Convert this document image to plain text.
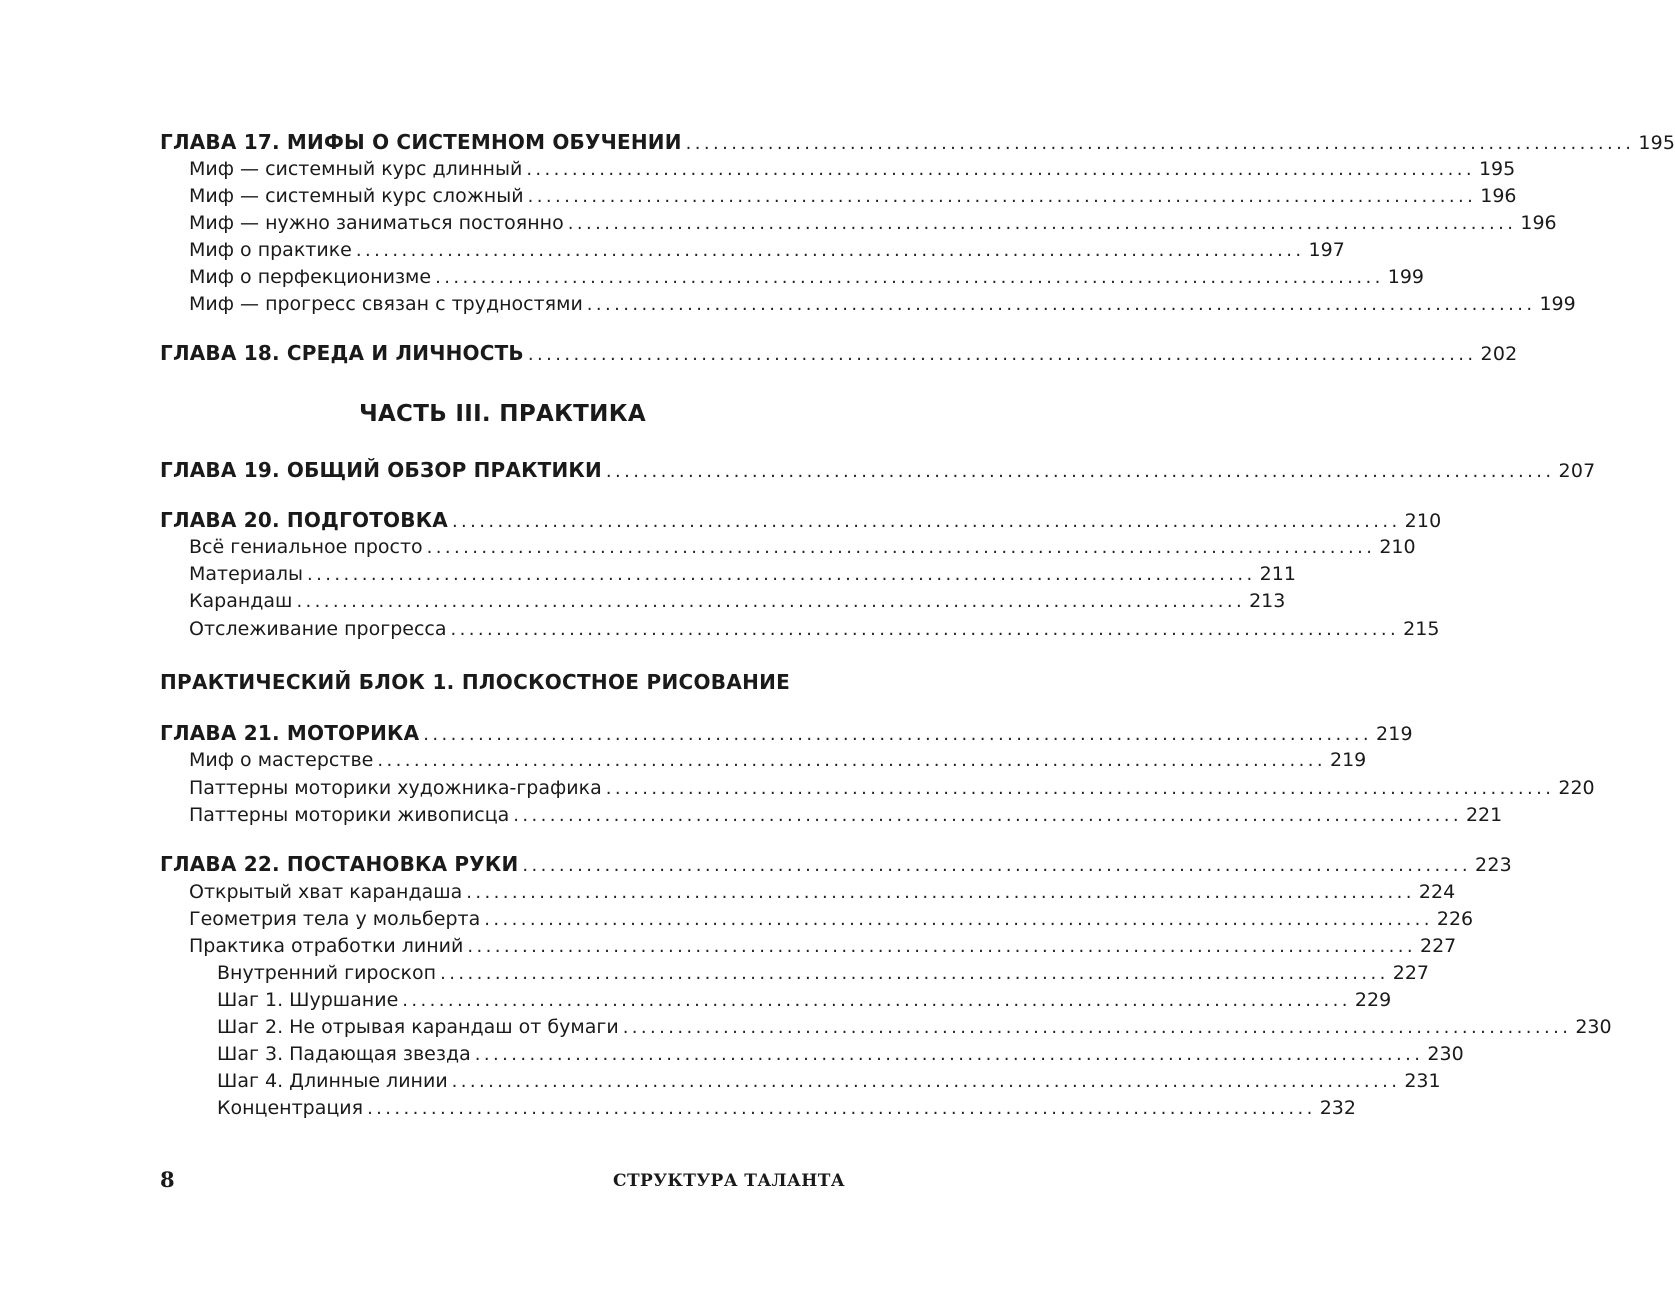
ГЛАВА 17. МИФЫ О СИСТЕМНОМ ОБУЧЕНИИ ........................................................................................................ 195
Миф — системный курс длинный ........................................................................................................ 195
Миф — системный курс сложный ........................................................................................................ 196
Миф — нужно заниматься постоянно ........................................................................................................ 196
Миф о практике ........................................................................................................ 197
Миф о перфекционизме ........................................................................................................ 199
Миф — прогресс связан с трудностями ........................................................................................................ 199
ГЛАВА 18. СРЕДА И ЛИЧНОСТЬ ........................................................................................................ 202
ЧАСТЬ III. ПРАКТИКА
ГЛАВА 19. ОБЩИЙ ОБЗОР ПРАКТИКИ ........................................................................................................ 207
ГЛАВА 20. ПОДГОТОВКА ........................................................................................................ 210
Всё гениальное просто ........................................................................................................ 210
Материалы ........................................................................................................ 211
Карандаш ........................................................................................................ 213
Отслеживание прогресса ........................................................................................................ 215
ПРАКТИЧЕСКИЙ БЛОК 1. ПЛОСКОСТНОЕ РИСОВАНИЕ
ГЛАВА 21. МОТОРИКА ........................................................................................................ 219
Миф о мастерстве ........................................................................................................ 219
Паттерны моторики художника-графика ........................................................................................................ 220
Паттерны моторики живописца ........................................................................................................ 221
ГЛАВА 22. ПОСТАНОВКА РУКИ ........................................................................................................ 223
Открытый хват карандаша ........................................................................................................ 224
Геометрия тела у мольберта ........................................................................................................ 226
Практика отработки линий ........................................................................................................ 227
Внутренний гироскоп ........................................................................................................ 227
Шаг 1. Шуршание ........................................................................................................ 229
Шаг 2. Не отрывая карандаш от бумаги ........................................................................................................ 230
Шаг 3. Падающая звезда ........................................................................................................ 230
Шаг 4. Длинные линии ........................................................................................................ 231
Концентрация ........................................................................................................ 232
8	СТРУКТУРА ТАЛАНТА
